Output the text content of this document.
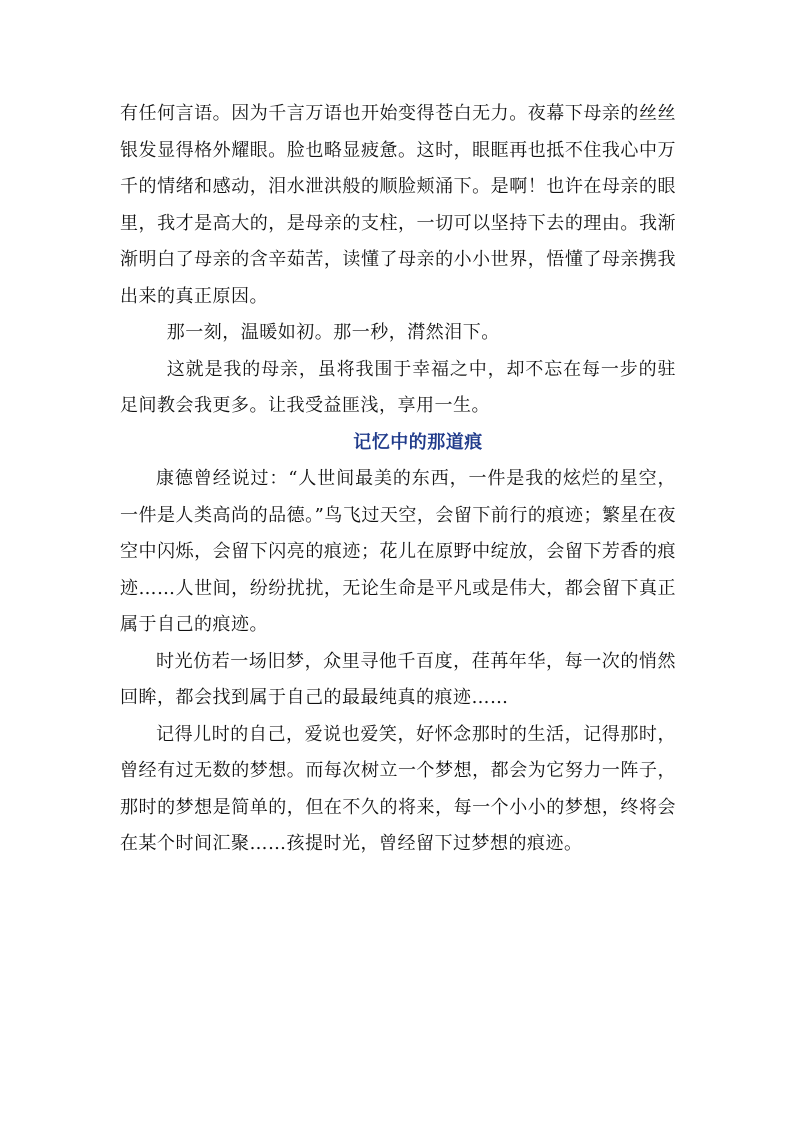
有任何言语。因为千言万语也开始变得苍白无力。夜幕下母亲的丝丝银发显得格外耀眼。脸也略显疲惫。这时，眼眶再也抵不住我心中万千的情绪和感动，泪水泄洪般的顺脸颊涌下。是啊！也许在母亲的眼里，我才是高大的，是母亲的支柱，一切可以坚持下去的理由。我渐渐明白了母亲的含辛茹苦，读懂了母亲的小小世界，悟懂了母亲携我出来的真正原因。

那一刻，温暖如初。那一秒，潸然泪下。

这就是我的母亲，虽将我围于幸福之中，却不忘在每一步的驻足间教会我更多。让我受益匪浅，享用一生。

记忆中的那道痕

康德曾经说过：“人世间最美的东西，一件是我的炫烂的星空，一件是人类高尚的品德。”鸟飞过天空，会留下前行的痕迹；繁星在夜空中闪烁，会留下闪亮的痕迹；花儿在原野中绽放，会留下芳香的痕迹……人世间，纷纷扰扰，无论生命是平凡或是伟大，都会留下真正属于自己的痕迹。

时光仿若一场旧梦，众里寻他千百度，荏苒年华，每一次的悄然回眸，都会找到属于自己的最最纯真的痕迹……

记得儿时的自己，爱说也爱笑，好怀念那时的生活，记得那时，曾经有过无数的梦想。而每次树立一个梦想，都会为它努力一阵子，那时的梦想是简单的，但在不久的将来，每一个小小的梦想，终将会在某个时间汇聚……孩提时光，曾经留下过梦想的痕迹。
